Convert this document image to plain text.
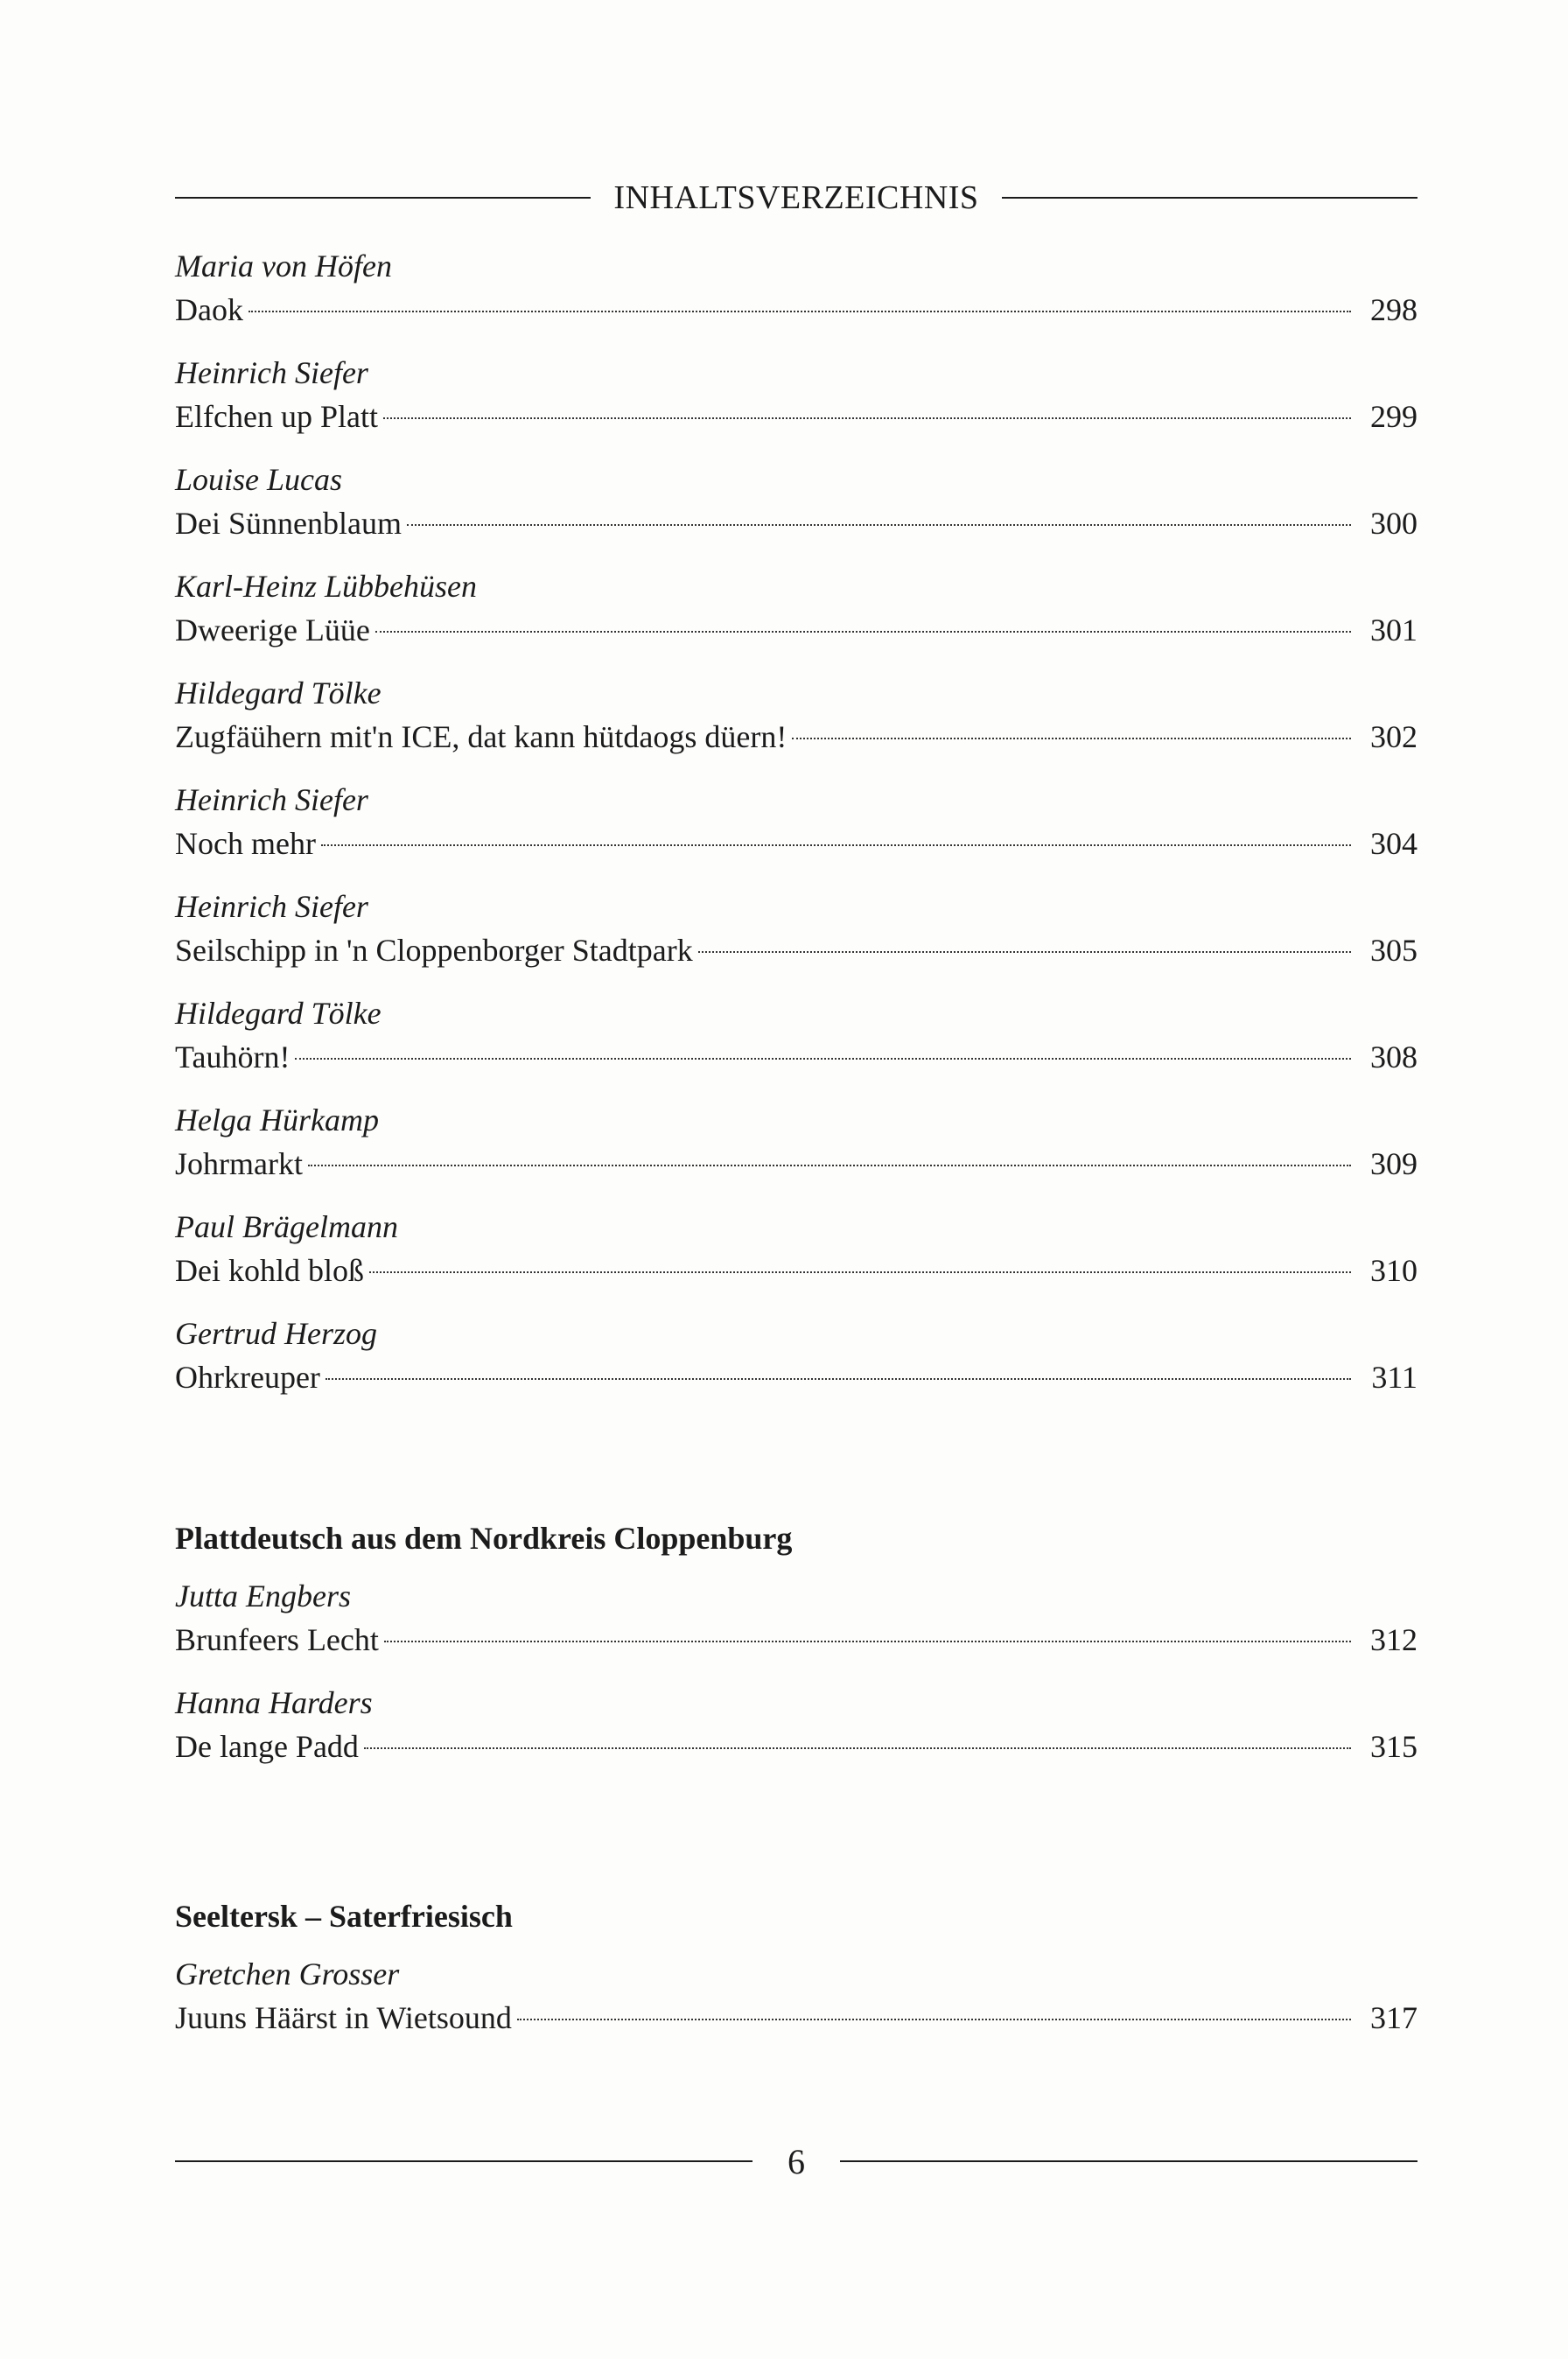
INHALTSVERZEICHNIS
Maria von Höfen
Daok	298
Heinrich Siefer
Elfchen up Platt	299
Louise Lucas
Dei Sünnenblaum	300
Karl-Heinz Lübbehüsen
Dweerige Lüüe	301
Hildegard Tölke
Zugfäühern mit'n ICE, dat kann hütdaogs düern!	302
Heinrich Siefer
Noch mehr	304
Heinrich Siefer
Seilschipp in 'n Cloppenborger Stadtpark	305
Hildegard Tölke
Tauhörn!	308
Helga Hürkamp
Johrmarkt	309
Paul Brägelmann
Dei kohld bloß	310
Gertrud Herzog
Ohrkreuper	311
Plattdeutsch aus dem Nordkreis Cloppenburg
Jutta Engbers
Brunfeers Lecht	312
Hanna Harders
De lange Padd	315
Seeltersk – Saterfriesisch
Gretchen Grosser
Juuns Häärst in Wietsound	317
6
